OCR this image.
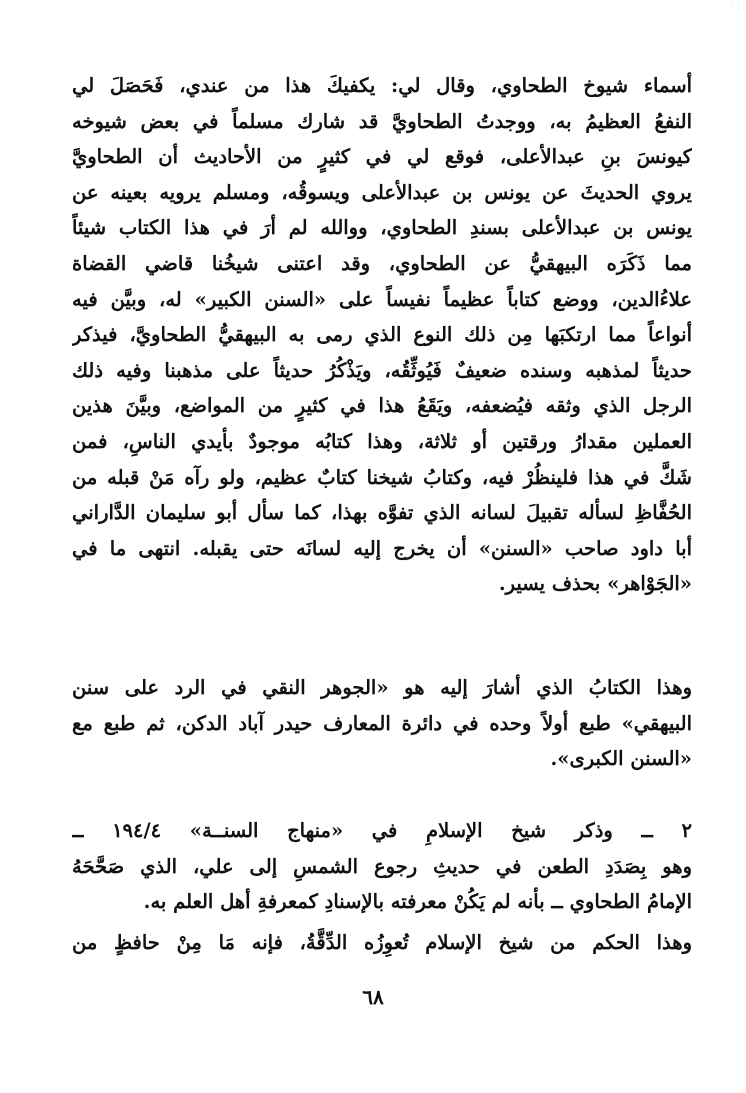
· :
أسماء شيوخ الطحاوي، وقال لي: يكفيكَ هذا من عندي، فَحَصَلَ لي
النفعُ العظيمُ به، ووجدتُ الطحاويَّ قد شارك مسلماً في بعض شيوخه
كيونسَ بنِ عبدالأعلى، فوقع لي في كثيرٍ من الأحاديث أن الطحاويَّ
يروي الحديثَ عن يونس بن عبدالأعلى ويسوقُه، ومسلم يرويه بعينه عن
يونس بن عبدالأعلى بسندِ الطحاوي، ووالله لم أرَ في هذا الكتاب شيئاً
مما ذَكَرَه البيهقيُّ عن الطحاوي، وقد اعتنى شيخُنا قاضي القضاة
علاءُالدين، ووضع كتاباً عظيماً نفيساً على «السنن الكبير» له، وبيَّن فيه
أنواعاً مما ارتكبَها مِن ذلك النوع الذي رمى به البيهقيُّ الطحاويَّ، فيذكر
حديثاً لمذهبه وسنده ضعيفٌ فَيُوثِّقُه، ويَذْكُرُ حديثاً على مذهبنا وفيه ذلك
الرجل الذي وثقه فيُضعفه، ويَقَعُ هذا في كثيرٍ من المواضع، وبيَّنَ هذين
العملين مقدارُ ورقتين أو ثلاثة، وهذا كتابُه موجودٌ بأيدي الناسِ، فمن
شَكَّ في هذا فلينظُرْ فيه، وكتابُ شيخنا كتابٌ عظيم، ولو رآه مَنْ قبله من
الحُفَّاظِ لسأله تقبيلَ لسانه الذي تفوَّه بهذا، كما سأل أبو سليمان الدَّاراني
أبا داود صاحب «السنن» أن يخرج إليه لسانَه حتى يقبله. انتهى ما في
«الجَوْاهر» بحذف يسير.
وهذا الكتابُ الذي أشارَ إليه هو «الجوهر النقي في الرد على سنن
البيهقي» طبع أولاً وحده في دائرة المعارف حيدر آباد الدكن، ثم طبع مع
«السنن الكبرى».
٢ ــ وذكر شيخ الإسلامِ في «منهاج السنــة» ١٩٤/٤ ــ
وهو بِصَدَدِ الطعن في حديثِ رجوع الشمسِ إلى علي، الذي صَحَّحَهُ
الإمامُ الطحاوي ــ بأنه لم يَكُنْ معرفته بالإسنادِ كمعرفةِ أهل العلم به.
وهذا الحكم من شيخ الإسلام تُعوِزُه الدِّقَّةُ، فإنه مَا مِنْ حافظٍ من
٦٨
